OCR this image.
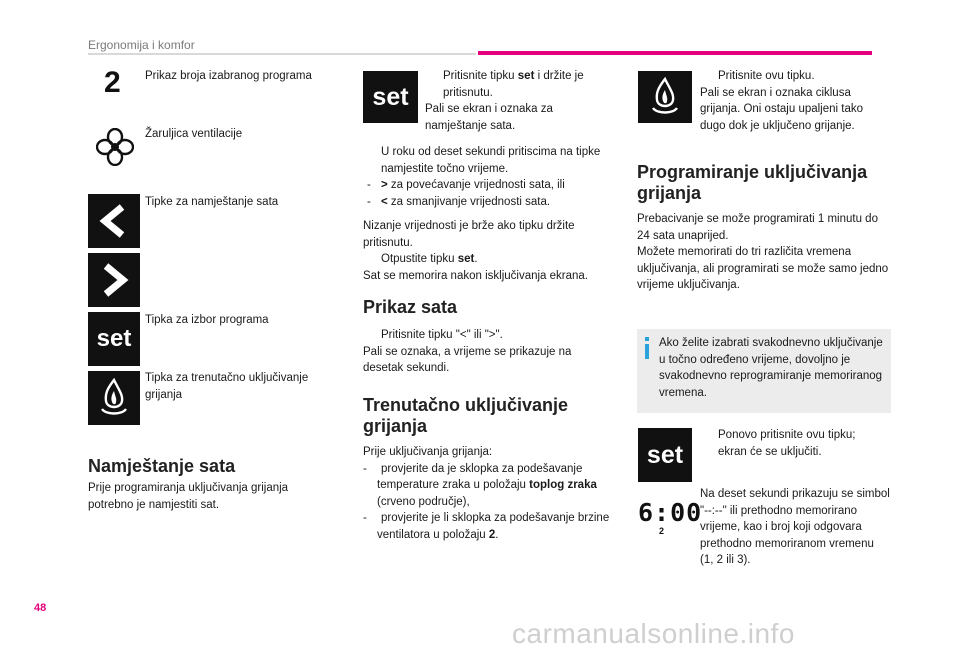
Ergonomija i komfor
2 Prikaz broja izabranog programa
Žaruljica ventilacije
Tipke za namještanje sata
set
Tipka za izbor programa
Tipka za trenutačno uključivanje grijanja
Namještanje sata
Prije programiranja uključivanja grijanja potrebno je namjestiti sat.
set
Pritisnite tipku set i držite je pritisnutu.
Pali se ekran i oznaka za namještanje sata.
U roku od deset sekundi pritiscima na tipke namjestite točno vrijeme.
- > za povećavanje vrijednosti sata, ili
- < za smanjivanje vrijednosti sata.
Nizanje vrijednosti je brže ako tipku držite pritisnutu.
Otpustite tipku set.
Sat se memorira nakon isključivanja ekrana.
Prikaz sata
Pritisnite tipku "<" ili ">".
Pali se oznaka, a vrijeme se prikazuje na desetak sekundi.
Trenutačno uključivanje grijanja
Prije uključivanja grijanja:
- provjerite da je sklopka za podešavanje temperature zraka u položaju toplog zraka (crveno područje),
- provjerite je li sklopka za podešavanje brzine ventilatora u položaju 2.
Pritisnite ovu tipku.
Pali se ekran i oznaka ciklusa grijanja. Oni ostaju upaljeni tako dugo dok je uključeno grijanje.
Programiranje uključivanja grijanja
Prebacivanje se može programirati 1 minutu do 24 sata unaprijed.
Možete memorirati do tri različita vremena uključivanja, ali programirati se može samo jedno vrijeme uključivanja.
Ako želite izabrati svakodnevno uključivanje u točno određeno vrijeme, dovoljno je svakodnevno reprogramiranje memoriranog vremena.
set
Ponovo pritisnite ovu tipku; ekran će se uključiti.
6:00
2
Na deset sekundi prikazuju se simbol "--:--" ili prethodno memorirano vrijeme, kao i broj koji odgovara prethodno memoriranom vremenu (1, 2 ili 3).
48
carmanualsonline.info
